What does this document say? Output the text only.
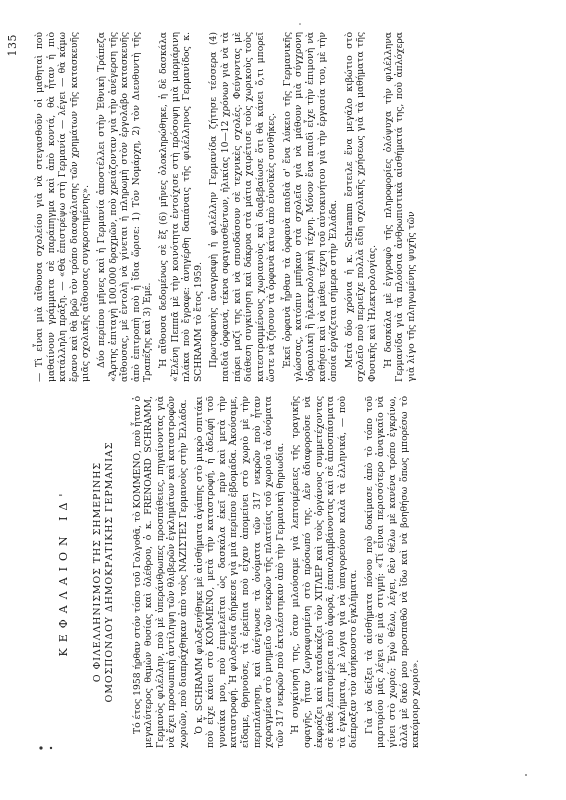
135
ΚΕΦΑΛΑΙΟΝ ΙΔ' Ο ΦΙΛΕΛΛΗΝΙΣΜΟΣ ΤΗΣ ΣΗΜΕΡΙΝΗΣ ΟΜΟΣΠΟΝΔΟΥ ΔΗΜΟΚΡΑΤΙΚΗΣ ΓΕΡΜΑΝΙΑΣ Τό έτος 1958 ήρθαν στόν τόπο τοῦ Γολγοθᾶ, τὸ ΚΟΜΜΕΝΟ, ποὺ ἦταν ὁ μεγαλύτερος θαμὼν θυσίας καὶ ὀλέθρου, ὁ κ. FRENOARD SCHRAMM, Γερμανὸς φιλέλλην, ποὺ μὲ ὑπεράνθρωπες προσπάθειες, πηγαίνοντας γιὰ νὰ ἔχει προσωπικὴ ἀντίληψη τῶν θλιβερῶν ἐγκλημάτων καὶ καταστροφῶν χωριῶν, ποὺ διαπράχθηκαν ἀπὸ τοὺς ΝΑΖΙΣΤΕΣ Γερμανοὺς στὴν Ἑλλάδα. Ὁ κ. SCHRAMM φιλοξενήθηκε μὲ αἰσθήματα ἀγάπης στὸ μικρὸ σπιτάκι ποὺ εἶχε κάνει στὸ ΚΟΜΜΕΝΟ, μετὰ τὴν καταστροφή, ἡ ἀδελφή τοῦ γυναίκα μου, ποὺ ἐπιμελεῖται ὡς δασκάλα ἐκεῖ πρὶν καὶ μετὰ τὴν καταστροφή. Ἡ φιλοξενία διήρκεσε γιὰ μιὰ περίπου ἑβδομάδα. Ἀκούσαμε, εἴδαμε, θρηνοῦσε, τὰ ἐρείπια ποὺ εἶχαν ἀπομείνει στὸ χωριὸ μὲ τὴν περιπλάνηση, καὶ ἀνέγνωσε τὰ ὀνόματα τῶν 317 νεκρῶν ποὺ ἦταν χαραγμένα στὸ μνημεῖο τῶν νεκρῶν τῆς πλατείας τοῦ χωριοῦ τὰ ὀνόματα τῶν 317 νεκρῶν ποὺ ἐκτελέστηκαν ἀπὸ τὴν Γερμανικὴ θηριωδία. Ἡ συγκίνησή της, ὅταν μιλούσαμε γιὰ λεπτομέρειες τῆς τραγικῆς σφαγῆς, ἦταν ζωγραφισμένη στὸ πρόσωπό της. Δὲν ἀδιαφοροῦσε νὰ ἐκφράζει καὶ καταδικάζει τὸν ΧΙΤΛΕΡ καὶ τοὺς ὀργάνους συμμετέχοντας σὲ κάθε λεπτομέρεια ποὺ ἀφορᾶ, ἐπαναλαμβάνοντας καὶ σὲ ἀποσπάσματα τὰ ἐγκλήματα, μὲ λόγια γιὰ νὰ ὑπαγορεύουν καλὰ τὰ ἐλληνικά, — ποὺ διέπραξαν τὸν ἀνήκουστο ἐγκλήματα. Γιὰ νὰ δείξει τὰ αἰσθήματα πόνου ποὺ δοκίμασε ἀπὸ τὸ τόπο τοῦ μαρτυρίου μᾶς λέγει σὲ μιὰ στιγμή: «Τί εἶναι περισσότερο ἀναγκαῖο νὰ γίνει στὸ χωριό; Ἐγὼ θέλω, λέγει, δὲν θέλω μὲ κανένα τρόπο ἐγκρίνω, ἀλλὰ μὲ δικό μου προσπαθῶ νὰ ἴδω καὶ νὰ βοηθήσω ὅπως μπορέσω τὸ κακόμοιρο χωριό».

— Τὶ εἶναι μιὰ αἴθουσα σχολείου γιὰ νὰ στεγασθοῦν οἱ μαθηταὶ ποὺ μαθαίνουν γράμματα σὲ παράπηγμα καὶ ἀπὸ κοντά, θὰ ἦταν ἡ πιὸ κατάλληλη πράξη. — «Θὰ ἐπιστρέψω στὴ Γερμανία — λέγει — θὰ κάμω ἔρανο καὶ θὰ βρῶ τὸν τρόπο διασφάλισης τῶν χρημάτων τῆς κατασκευῆς μιᾶς σχολικῆς αἴθουσας συγκροτημένης». Δύο περίπου μῆνες καὶ ἡ Γερμανία ἀποστέλλει στὴν Ἐθνικὴ Τράπεζα «Ἄρτης ἐπιταγὴ 100.000 δραχμῶν, ποὺ χρειάζονταν γιὰ τὴν ἀνέγερση τῆς αἴθουσας, μὲ ἐντολὴ νὰ γίνεται ἡ πληρωμὴ στὸν ἐργολάβο κατασκευῆς ἀπὸ ἐπιτροπὴ ποὺ ἡ ἴδια ὥρισε: 1) Τὸν Νομάρχη, 2) τὸν Διευθυντὴ τῆς Τραπέζης καὶ 3) Ἐμέ. Ἡ αἴθουσα δεδομένως σὲ ἕξ (6) μῆνες ὁλοκληρώθηκε, ἡ δὲ δασκάλα «Ἑλένη Πεππᾶ μὲ τὴν κοινότητα ἐντοίχισε στὴ πρόσοψη μιὰ μαρμάρινη πλάκα ποὺ ἔγραφε: ἀνηγέρθη δαπάναις τῆς φιλέλληνος Γερμανίδος κ. SCHRAMM τὸ ἔτος 1959. Πρωτοφανὴς ἀναγραφὴ ἡ φιλέλλην Γερμανίδα ζήτησε τέσσερα (4) παιδιὰ ὀρφανά, τέκνα σφαγιασθέντων, ἡλικίας 10—12 χρόνων γιὰ νὰ τὰ πάρει μαζί της καὶ νὰ σπουδάσουν σὲ τεχνικὲς σχολές. Φεύγοντας μὲ διάθεση συγκίνηση καὶ δάκρυα στὰ μάτια χαιρέτισε τοὺς χωρικοὺς τοὺς κατεστραμμένους χωριανοὺς καὶ διαβεβαίωσε ὅτι θὰ κάνει ὅ,τι μπορεῖ ὥστε νὰ ζήσουν τὰ ὀρφανὰ κάτω ἀπὸ εὐνοϊκὲς συνθῆκες. Ἐκεῖ ὀρφανὰ ἦρθαν τὰ ὀρφανὰ παιδιὰ σ' ἕνα λύκειο τῆς Γερμανικῆς γλώσσας, κατόπιν μπῆκαν στὰ σχολεῖα γιὰ νὰ μάθουν μιὰ σύγχρονη ὑδραυλικὴ ἢ ἠλεκτρολογικὴ τέχνη. Μόνον ἕνα παιδὶ εἶχε τὴν ἐπιμονὴ νὰ καθήσει καὶ νὰ μάθει τέχνη τοῦ αὐτοκινήτου γιὰ τὴν ἐργασία του, μὲ τὴν ὁποία ἐργάζεται σήμερα στὴν Ἑλλάδα. Μετὰ δύο χρόνια ἡ κ. Schramm ἔστειλε ἕνα μεγάλο κιβώτιο στὸ σχολεῖο ποὺ περιεῖχε πολλὰ εἴδη σχολικῆς χρήσεως γιὰ τὰ μαθήματα τῆς Φυσικῆς καὶ Ἠλεκτρολογίας. Ἡ δασκάλα μὲ ἐγγραφὸ τῆς πληροφορίες ὁλόψυχα τὴν φιλέλληνα Γερμανίδα γιὰ τὰ πλούσια ἀνθρωπιστικὰ αἰσθήματά της, ποὺ ἀπλόχερα γιὰ λίγο τῆς πληγωμένης ψυχῆς τῶν
